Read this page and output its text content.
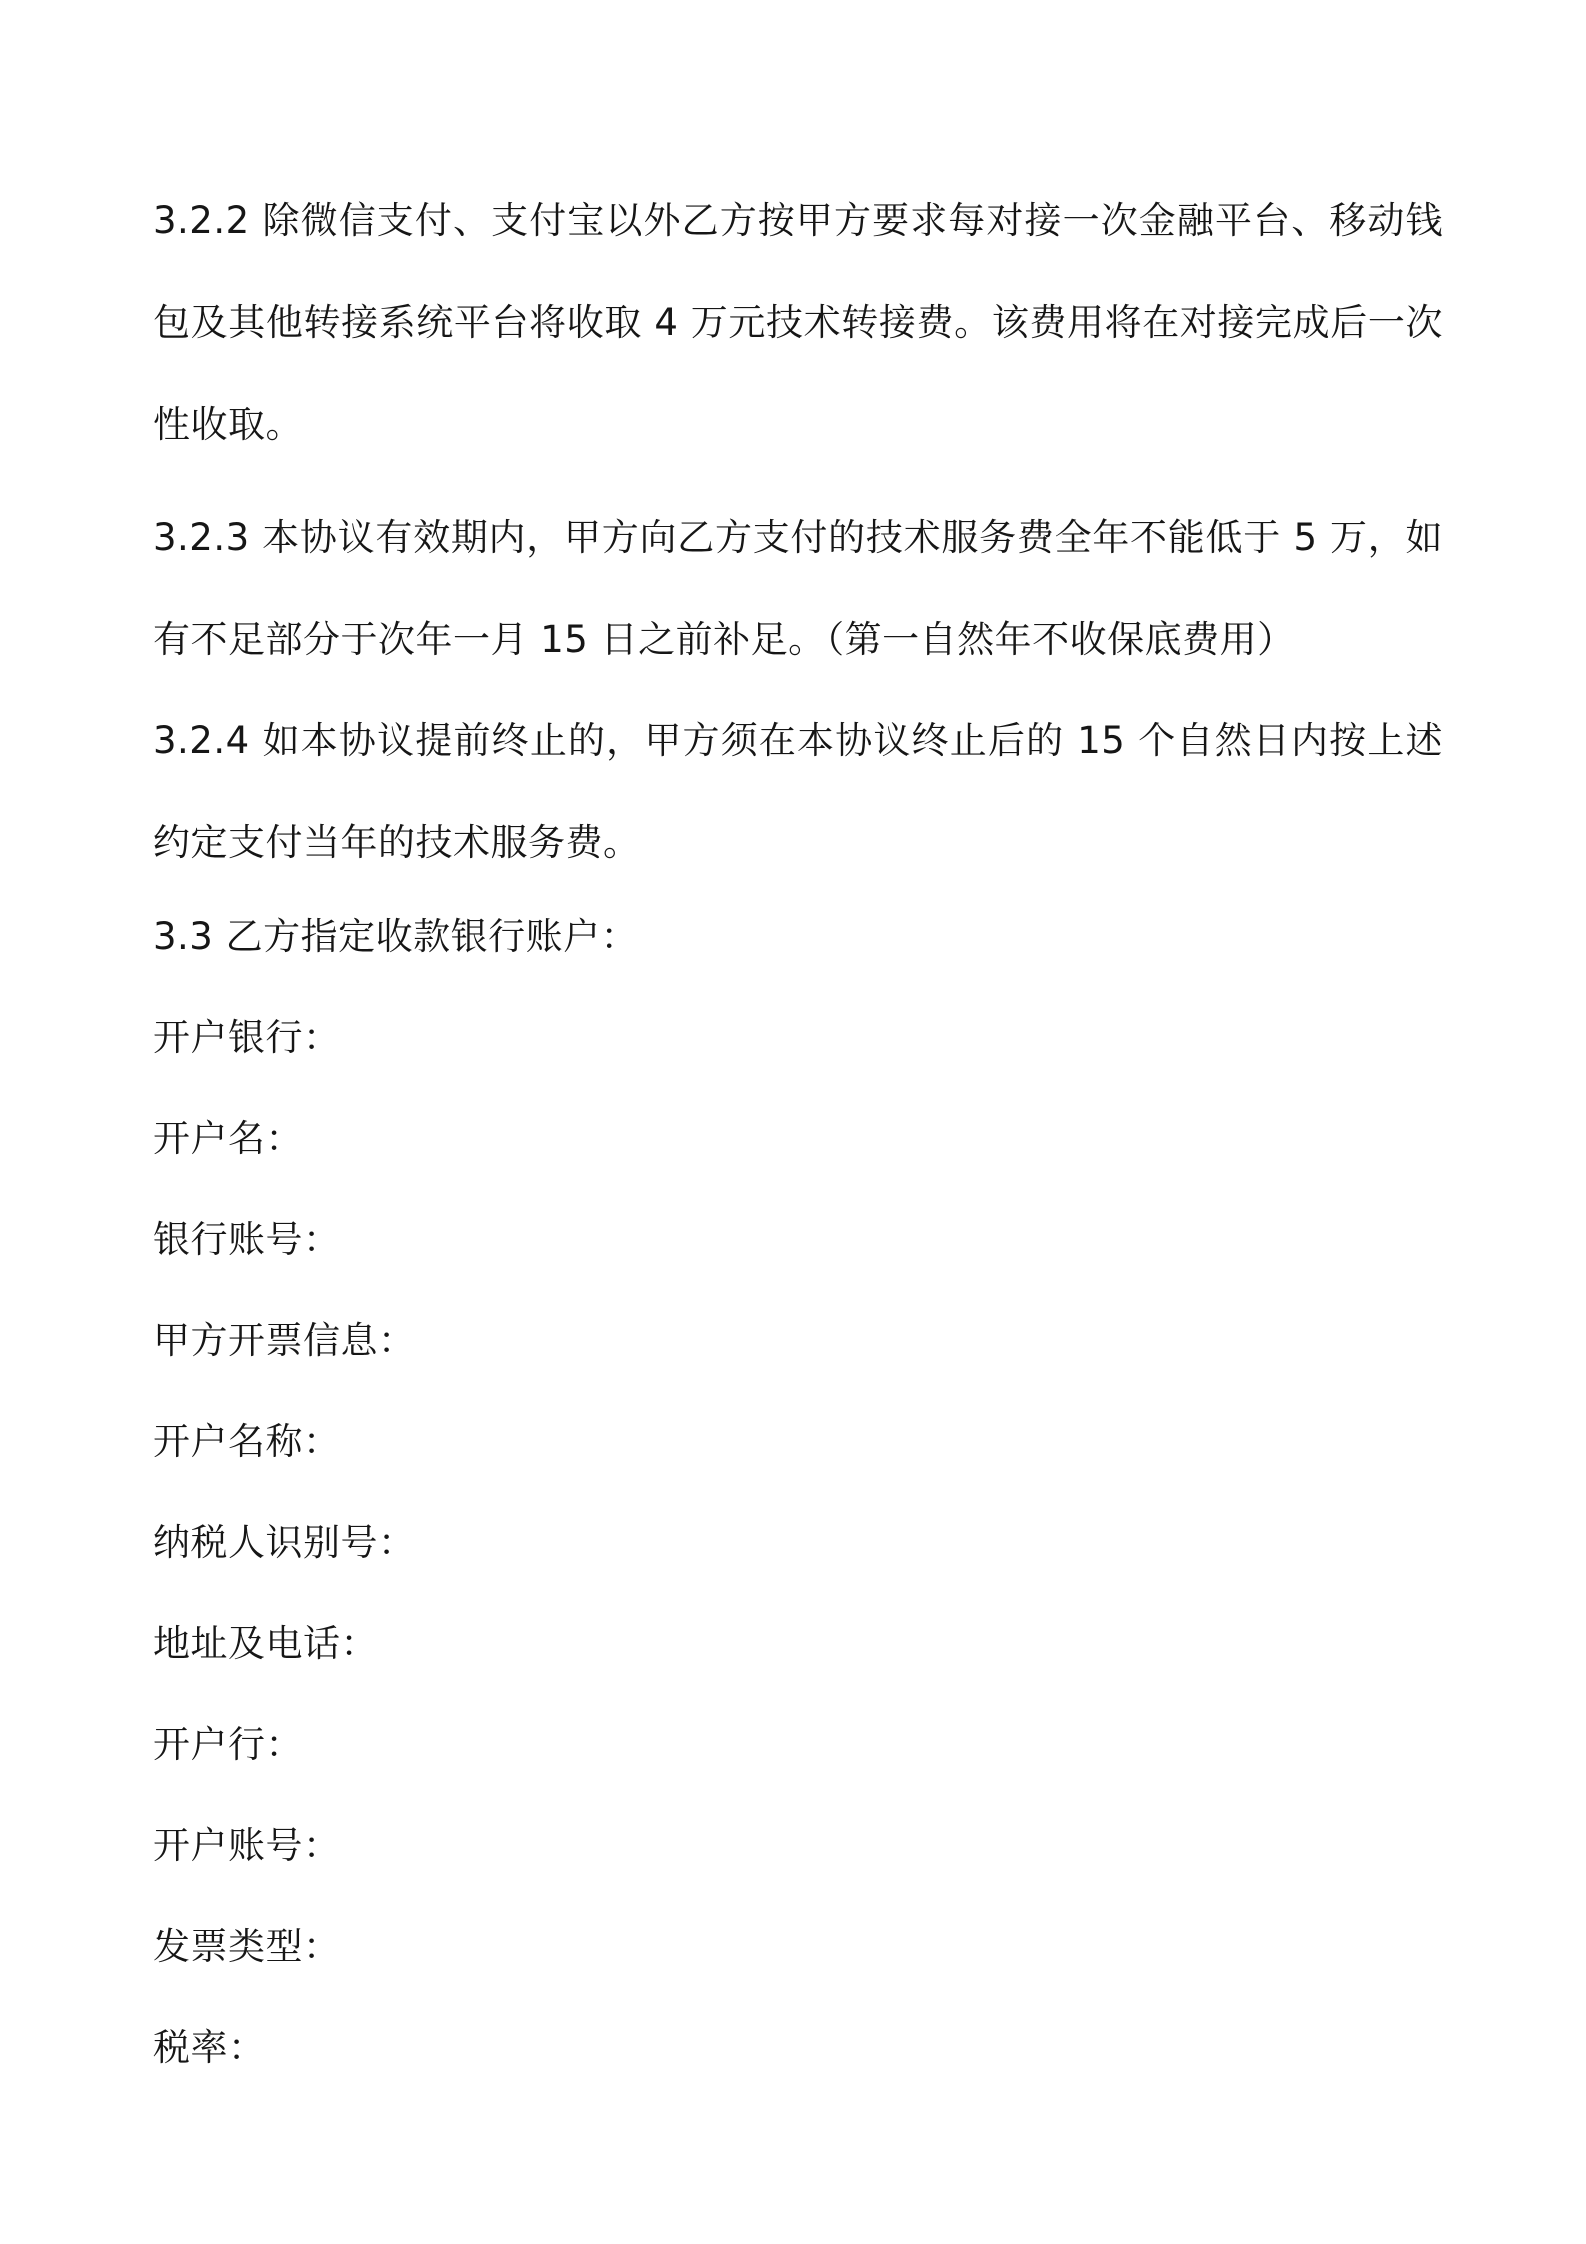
3.2.2 除微信支付、支付宝以外乙方按甲方要求每对接一次金融平台、移动钱包及其他转接系统平台将收取 4 万元技术转接费。该费用将在对接完成后一次性收取。

3.2.3 本协议有效期内，甲方向乙方支付的技术服务费全年不能低于 5 万，如有不足部分于次年一月 15 日之前补足。（第一自然年不收保底费用）

3.2.4 如本协议提前终止的，甲方须在本协议终止后的 15 个自然日内按上述约定支付当年的技术服务费。

3.3 乙方指定收款银行账户：

开户银行：

开户名：

银行账号：

甲方开票信息：

开户名称：

纳税人识别号：

地址及电话：

开户行：

开户账号：

发票类型：

税率：
